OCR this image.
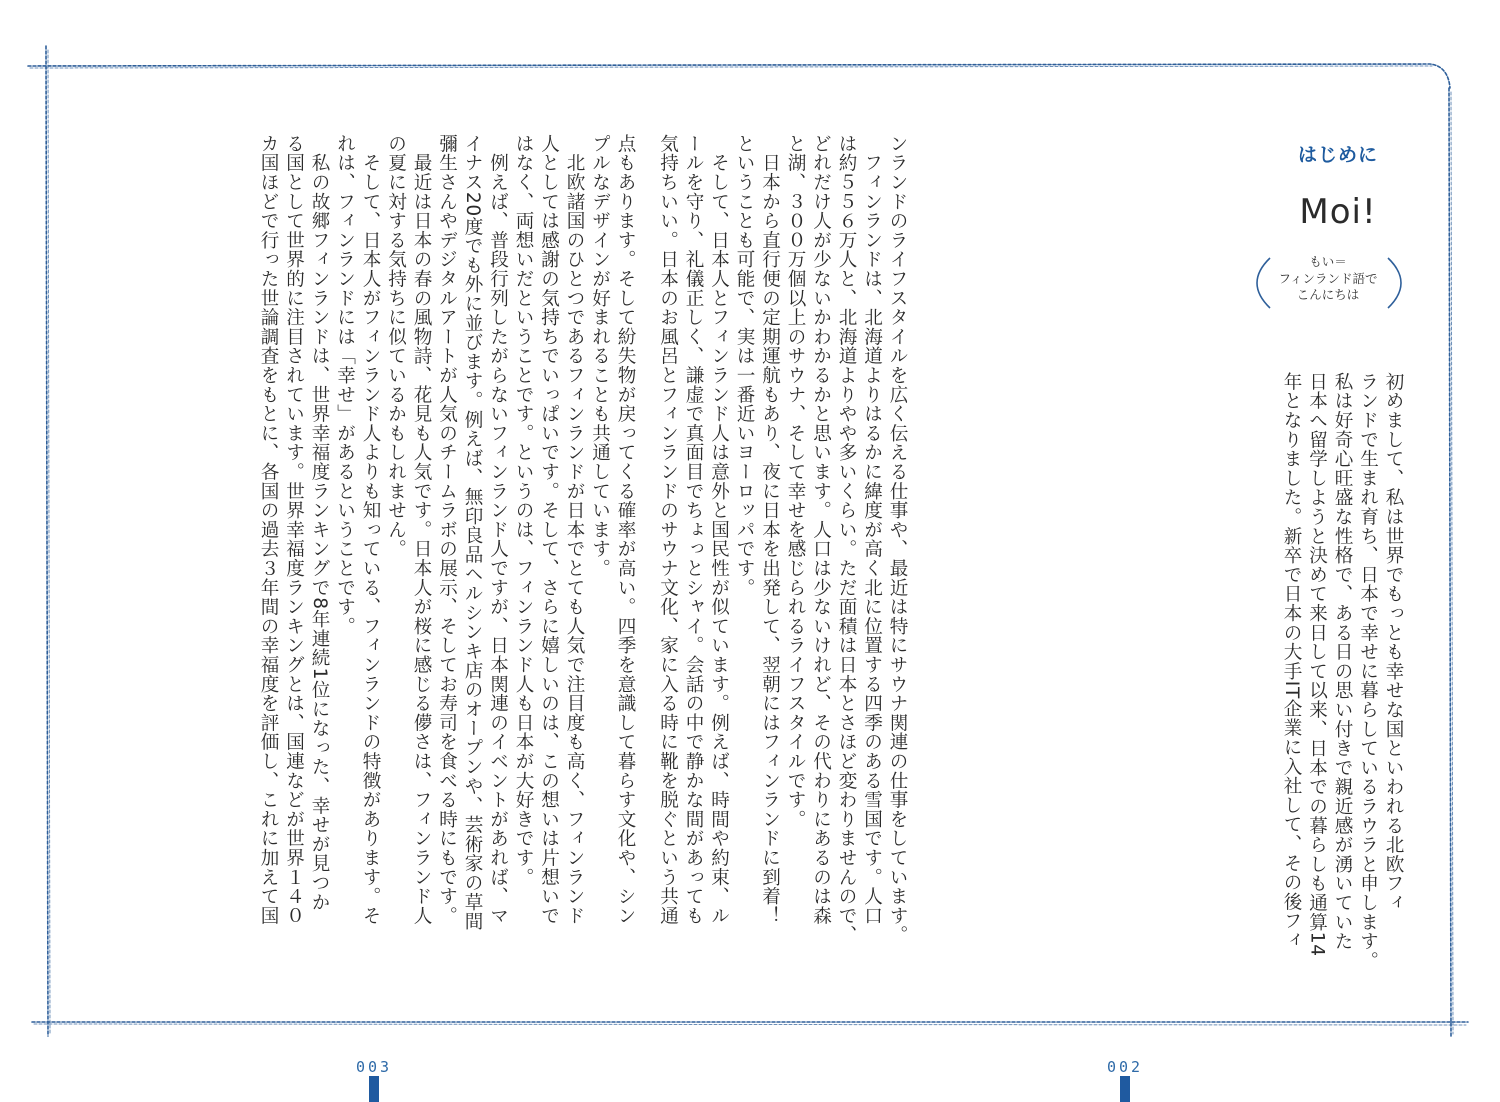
はじめに
Moi!
もい＝
フィンランド語で
こんにちは

初めまして、私は世界でもっとも幸せな国といわれる北欧フィ

ランドで生まれ育ち、日本で幸せに暮らしているラウラと申します。

私は好奇心旺盛な性格で、ある日の思い付きで親近感が湧いていた

日本へ留学しようと決めて来日して以来、日本での暮らしも通算14

年となりました。新卒で日本の大手IT企業に入社して、その後フィ

ンランドのライフスタイルを広く伝える仕事や、最近は特にサウナ関連の仕事をしています。

　フィンランドは、北海道よりはるかに緯度が高く北に位置する四季のある雪国です。人口

は約５５６万人と、北海道よりやや多いくらい。ただ面積は日本とさほど変わりませんので、

どれだけ人が少ないかわかるかと思います。人口は少ないけれど、その代わりにあるのは森

と湖、３００万個以上のサウナ、そして幸せを感じられるライフスタイルです。

　日本から直行便の定期運航もあり、夜に日本を出発して、翌朝にはフィンランドに到着！

ということも可能で、実は一番近いヨーロッパです。

　そして、日本人とフィンランド人は意外と国民性が似ています。例えば、時間や約束、ル

ールを守り、礼儀正しく、謙虚で真面目でちょっとシャイ。会話の中で静かな間があっても

気持ちいい。日本のお風呂とフィンランドのサウナ文化、家に入る時に靴を脱ぐという共通

点もあります。そして紛失物が戻ってくる確率が高い。四季を意識して暮らす文化や、シン

プルなデザインが好まれることも共通しています。

　北欧諸国のひとつであるフィンランドが日本でとても人気で注目度も高く、フィンランド

人としては感謝の気持ちでいっぱいです。そして、さらに嬉しいのは、この想いは片想いで

はなく、両想いだということです。というのは、フィンランド人も日本が大好きです。

　例えば、普段行列したがらないフィンランド人ですが、日本関連のイベントがあれば、マ

イナス20度でも外に並びます。例えば、無印良品ヘルシンキ店のオープンや、芸術家の草間

彌生さんやデジタルアートが人気のチームラボの展示、そしてお寿司を食べる時にもです。

　最近は日本の春の風物詩、花見も人気です。日本人が桜に感じる儚さは、フィンランド人

の夏に対する気持ちに似ているかもしれません。

　そして、日本人がフィンランド人よりも知っている、フィンランドの特徴があります。そ

れは、フィンランドには「幸せ」があるということです。

　私の故郷フィンランドは、世界幸福度ランキングで8年連続1位になった、幸せが見つか

る国として世界的に注目されています。世界幸福度ランキングとは、国連などが世界１４０

カ国ほどで行った世論調査をもとに、各国の過去３年間の幸福度を評価し、これに加えて国

003	002
